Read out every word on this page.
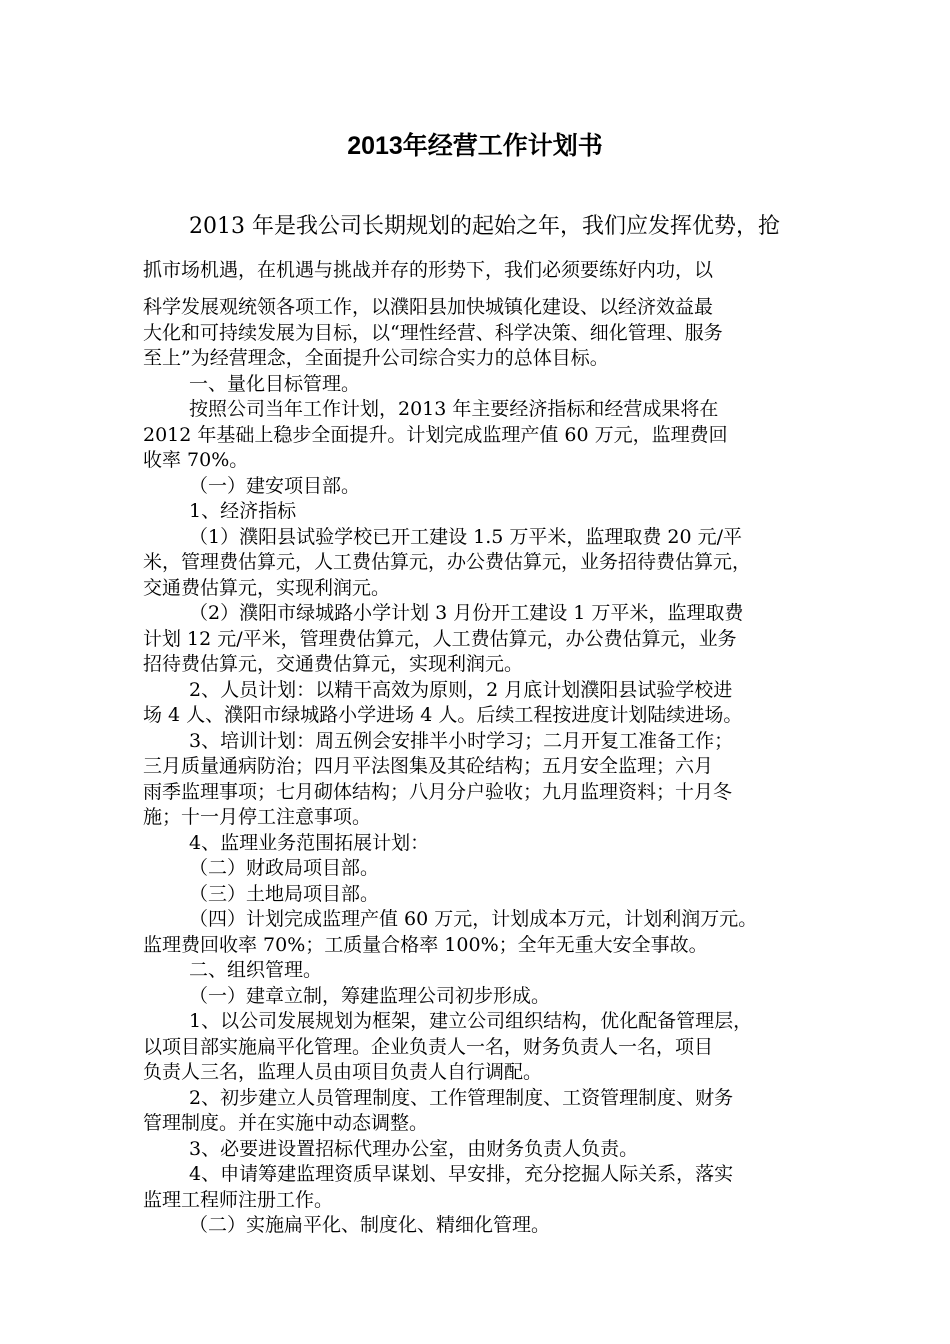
2013年经营工作计划书

2013 年是我公司长期规划的起始之年，我们应发挥优势，抢

抓市场机遇，在机遇与挑战并存的形势下，我们必须要练好内功，以

科学发展观统领各项工作，以濮阳县加快城镇化建设、以经济效益最

大化和可持续发展为目标，以“理性经营、科学决策、细化管理、服务

至上”为经营理念，全面提升公司综合实力的总体目标。

一、量化目标管理。

按照公司当年工作计划，2013 年主要经济指标和经营成果将在

2012 年基础上稳步全面提升。计划完成监理产值 60 万元，监理费回

收率 70%。

（一）建安项目部。

1、经济指标

（1）濮阳县试验学校已开工建设 1.5 万平米，监理取费 20 元/平

米，管理费估算元，人工费估算元，办公费估算元，业务招待费估算元，

交通费估算元，实现利润元。

（2）濮阳市绿城路小学计划 3 月份开工建设 1 万平米，监理取费

计划 12 元/平米，管理费估算元，人工费估算元，办公费估算元，业务

招待费估算元，交通费估算元，实现利润元。

2、人员计划：以精干高效为原则，2 月底计划濮阳县试验学校进

场 4 人、濮阳市绿城路小学进场 4 人。后续工程按进度计划陆续进场。

3、培训计划：周五例会安排半小时学习；二月开复工准备工作；

三月质量通病防治；四月平法图集及其砼结构；五月安全监理；六月

雨季监理事项；七月砌体结构；八月分户验收；九月监理资料；十月冬

施；十一月停工注意事项。

4、监理业务范围拓展计划：

（二）财政局项目部。

（三）土地局项目部。

（四）计划完成监理产值 60 万元，计划成本万元，计划利润万元。

监理费回收率 70%；工质量合格率 100%；全年无重大安全事故。

二、组织管理。

（一）建章立制，筹建监理公司初步形成。

1、以公司发展规划为框架，建立公司组织结构，优化配备管理层，

以项目部实施扁平化管理。企业负责人一名，财务负责人一名，项目

负责人三名，监理人员由项目负责人自行调配。

2、初步建立人员管理制度、工作管理制度、工资管理制度、财务

管理制度。并在实施中动态调整。

3、必要进设置招标代理办公室，由财务负责人负责。

4、申请筹建监理资质早谋划、早安排，充分挖掘人际关系，落实

监理工程师注册工作。

（二）实施扁平化、制度化、精细化管理。
